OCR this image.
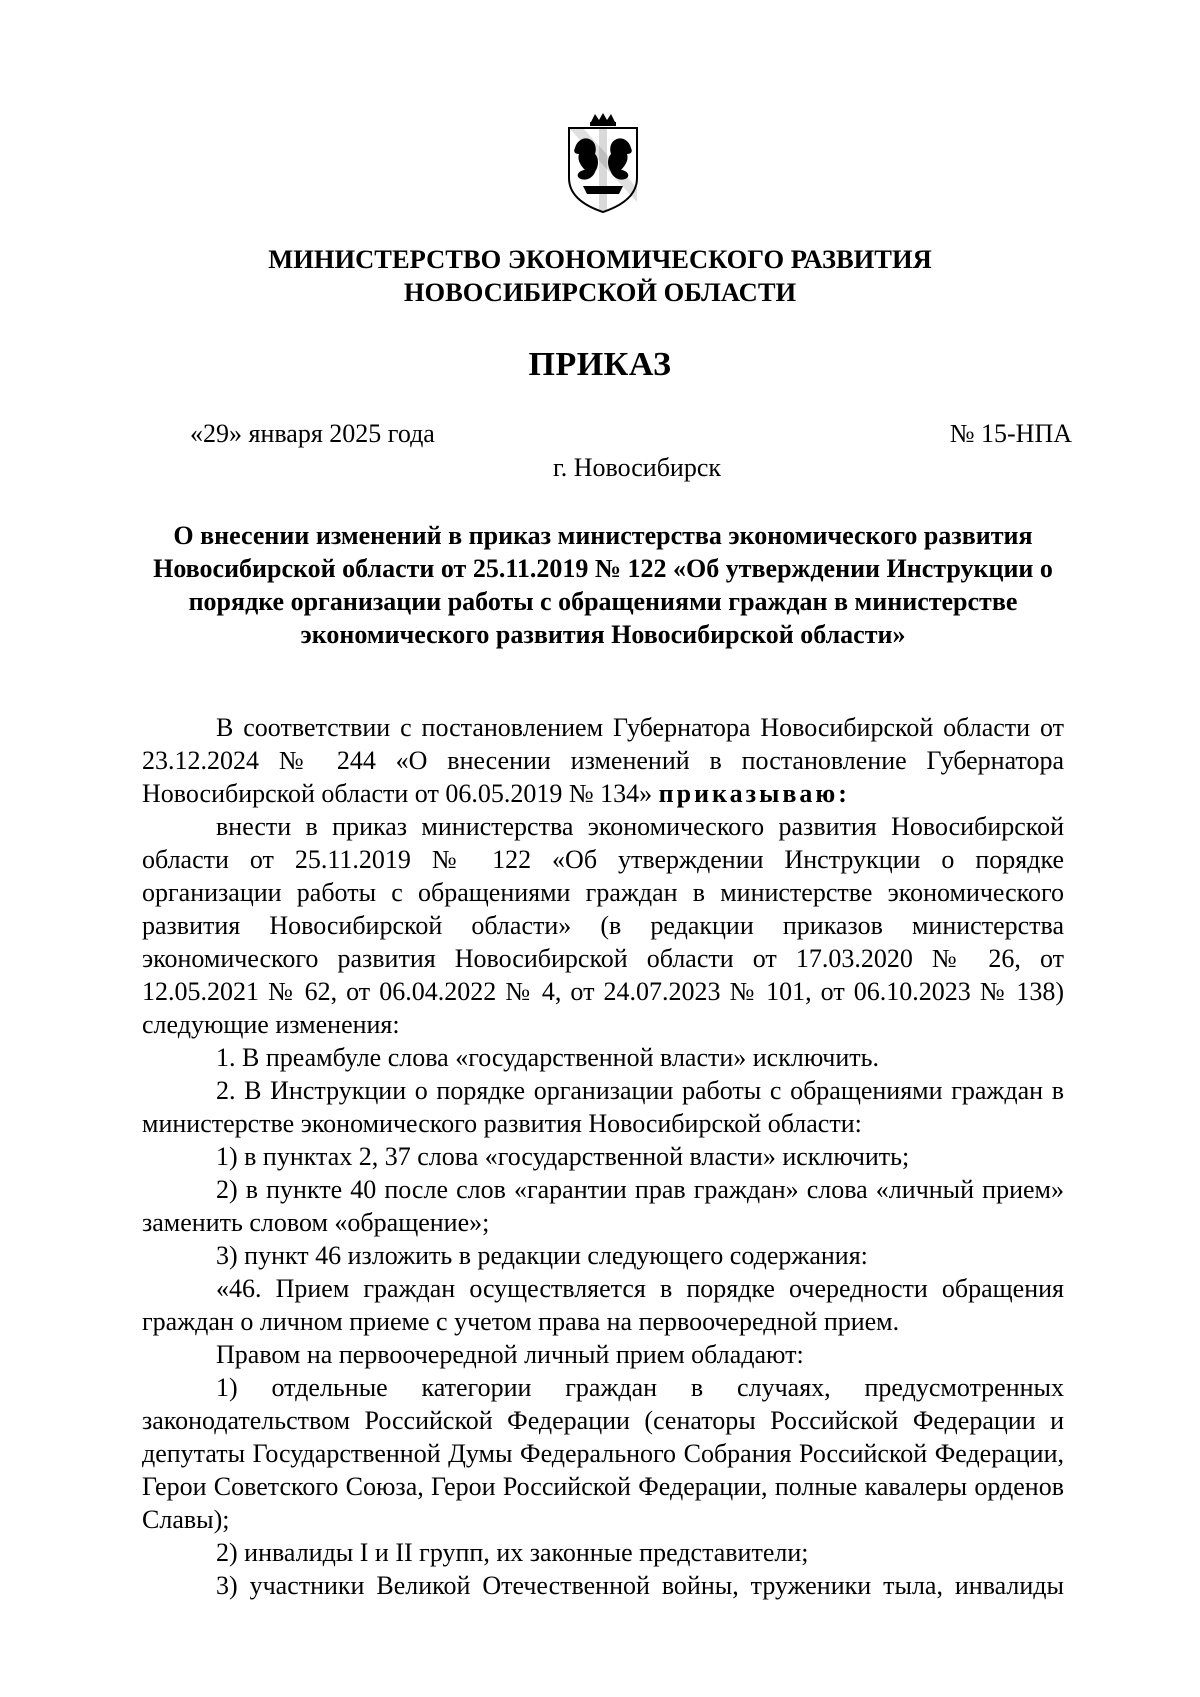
МИНИСТЕРСТВО ЭКОНОМИЧЕСКОГО РАЗВИТИЯ
НОВОСИБИРСКОЙ ОБЛАСТИ
ПРИКАЗ
«29» января 2025 года	№ 15-НПА
г. Новосибирск
О внесении изменений в приказ министерства экономического развития Новосибирской области от 25.11.2019 № 122 «Об утверждении Инструкции о порядке организации работы с обращениями граждан в министерстве экономического развития Новосибирской области»

В соответствии с постановлением Губернатора Новосибирской области от 23.12.2024 № 244 «О внесении изменений в постановление Губернатора Новосибирской области от 06.05.2019 № 134» приказываю:

внести в приказ министерства экономического развития Новосибирской области от 25.11.2019 № 122 «Об утверждении Инструкции о порядке организации работы с обращениями граждан в министерстве экономического развития Новосибирской области» (в редакции приказов министерства экономического развития Новосибирской области от 17.03.2020 № 26, от 12.05.2021 № 62, от 06.04.2022 № 4, от 24.07.2023 № 101, от 06.10.2023 № 138) следующие изменения:

1. В преамбуле слова «государственной власти» исключить.

2. В Инструкции о порядке организации работы с обращениями граждан в министерстве экономического развития Новосибирской области:

1) в пунктах 2, 37 слова «государственной власти» исключить;

2) в пункте 40 после слов «гарантии прав граждан» слова «личный прием» заменить словом «обращение»;

3) пункт 46 изложить в редакции следующего содержания:

«46. Прием граждан осуществляется в порядке очередности обращения граждан о личном приеме с учетом права на первоочередной прием.

Правом на первоочередной личный прием обладают:

1) отдельные категории граждан в случаях, предусмотренных законодательством Российской Федерации (сенаторы Российской Федерации и депутаты Государственной Думы Федерального Собрания Российской Федерации, Герои Советского Союза, Герои Российской Федерации, полные кавалеры орденов Славы);

2) инвалиды I и II групп, их законные представители;

3) участники Великой Отечественной войны, труженики тыла, инвалиды
